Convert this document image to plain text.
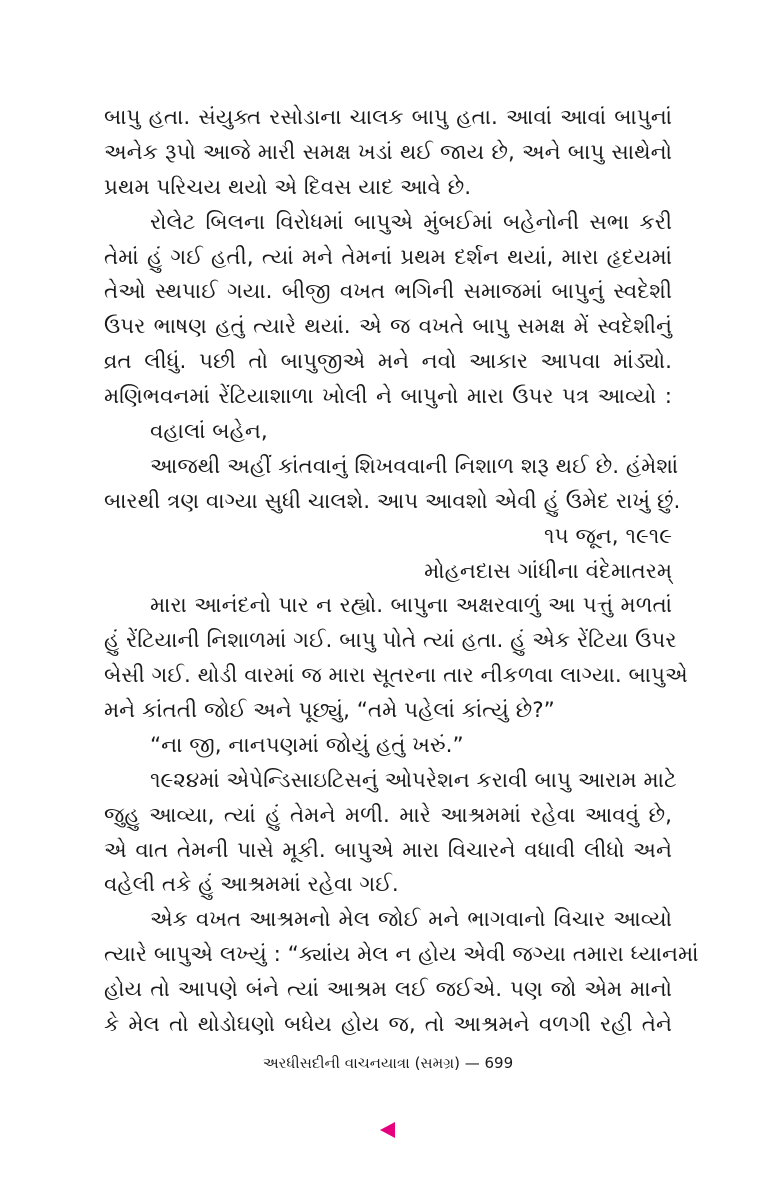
બાપુ હતા. સંયુક્ત રસોડાના ચાલક બાપુ હતા. આવાં આવાં બાપુનાં
અનેક રૂપો આજે મારી સમક્ષ ખડાં થઈ જાય છે, અને બાપુ સાથેનો
પ્રથમ પરિચય થયો એ દિવસ યાદ આવે છે.
રોલેટ બિલના વિરોધમાં બાપુએ મુંબઈમાં બહેનોની સભા કરી
તેમાં હું ગઈ હતી, ત્યાં મને તેમનાં પ્રથમ દર્શન થયાં, મારા હૃદયમાં
તેઓ સ્થપાઈ ગયા. બીજી વખત ભગિની સમાજમાં બાપુનું સ્વદેશી
ઉપર ભાષણ હતું ત્યારે થયાં. એ જ વખતે બાપુ સમક્ષ મેં સ્વદેશીનું
વ્રત લીધું. પછી તો બાપુજીએ મને નવો આકાર આપવા માંડ્યો.
મણિભવનમાં રેંટિયાશાળા ખોલી ને બાપુનો મારા ઉપર પત્ર આવ્યો :
વહાલાં બહેન,
આજથી અહીં કાંતવાનું શિખવવાની નિશાળ શરૂ થઈ છે. હંમેશાં
બારથી ત્રણ વાગ્યા સુધી ચાલશે. આપ આવશો એવી હું ઉમેદ રાખું છું.
૧૫ જૂન, ૧૯૧૯
મોહનદાસ ગાંધીના વંદેમાતરમ્
મારા આનંદનો પાર ન રહ્યો. બાપુના અક્ષરવાળું આ પત્તું મળતાં
હું રેંટિયાની નિશાળમાં ગઈ. બાપુ પોતે ત્યાં હતા. હું એક રેંટિયા ઉપર
બેસી ગઈ. થોડી વારમાં જ મારા સૂતરના તાર નીકળવા લાગ્યા. બાપુએ
મને કાંતતી જોઈ અને પૂછ્યું, “તમે પહેલાં કાંત્યું છે?”
“ના જી, નાનપણમાં જોયું હતું ખરું.”
૧૯૨૪માં એપેન્ડિસાઇટિસનું ઓપરેશન કરાવી બાપુ આરામ માટે
જુહુ આવ્યા, ત્યાં હું તેમને મળી. મારે આશ્રમમાં રહેવા આવવું છે,
એ વાત તેમની પાસે મૂકી. બાપુએ મારા વિચારને વધાવી લીધો અને
વહેલી તકે હું આશ્રમમાં રહેવા ગઈ.
એક વખત આશ્રમનો મેલ જોઈ મને ભાગવાનો વિચાર આવ્યો
ત્યારે બાપુએ લખ્યું : “ક્યાંય મેલ ન હોય એવી જગ્યા તમારા ધ્યાનમાં
હોય તો આપણે બંને ત્યાં આશ્રમ લઈ જઈએ. પણ જો એમ માનો
કે મેલ તો થોડોઘણો બધેય હોય જ, તો આશ્રમને વળગી રહી તેને
અરધીસદીની વાચનયાત્રા (સમગ્ર) — 699
